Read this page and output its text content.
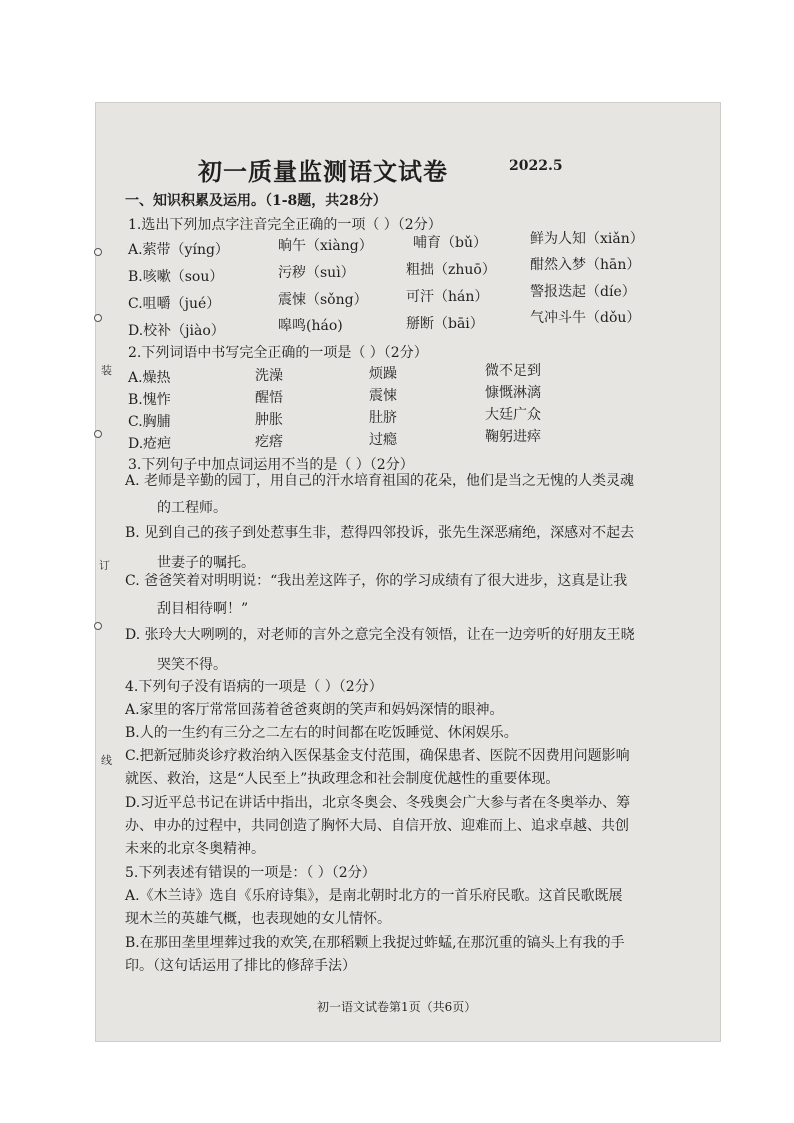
装
订
线
初一质量监测语文试卷	2022.5
一、知识积累及运用。（1-8题，共28分）
1.选出下列加点字注音完全正确的一项（ ）（2分）
A.萦带（yíng）	晌午（xiàng）	哺育（bǔ）	鲜为人知（xiǎn）
B.咳嗽（sou）	污秽（suì）	粗拙（zhuō） 酣然入梦（hān）
C.咀嚼（jué）	震悚（sǒng）	可汗（hán）	警报迭起（díe）
D.校补（jiào）	嗥鸣(háo)	掰断（bāi）	气冲斗牛（dǒu）
2.下列词语中书写完全正确的一项是（ ）（2分）
A.燥热	洗澡	烦躁	微不足到
B.愧怍	醒悟	震悚	慷慨淋漓
C.胸脯	肿胀	肚脐	大廷广众
D.疮疤	疙瘩	过瘾	鞠躬进瘁
3.下列句子中加点词运用不当的是（ ）（2分）
A. 老师是辛勤的园丁，用自己的汗水培育祖国的花朵，他们是当之无愧的人类灵魂
的工程师。
B. 见到自己的孩子到处惹事生非，惹得四邻投诉，张先生深恶痛绝，深感对不起去
世妻子的嘱托。
C. 爸爸笑着对明明说：“我出差这阵子，你的学习成绩有了很大进步，这真是让我
刮目相待啊！”
D. 张玲大大咧咧的，对老师的言外之意完全没有领悟，让在一边旁听的好朋友王晓
哭笑不得。
4.下列句子没有语病的一项是（ ）（2分）
A.家里的客厅常常回荡着爸爸爽朗的笑声和妈妈深情的眼神。
B.人的一生约有三分之二左右的时间都在吃饭睡觉、休闲娱乐。
C.把新冠肺炎诊疗救治纳入医保基金支付范围，确保患者、医院不因费用问题影响
就医、救治，这是“人民至上”执政理念和社会制度优越性的重要体现。
D.习近平总书记在讲话中指出，北京冬奥会、冬残奥会广大参与者在冬奥举办、筹
办、申办的过程中，共同创造了胸怀大局、自信开放、迎难而上、追求卓越、共创
未来的北京冬奥精神。
5.下列表述有错误的一项是：（ ）（2分）
A.《木兰诗》选自《乐府诗集》，是南北朝时北方的一首乐府民歌。这首民歌既展
现木兰的英雄气概，也表现她的女儿情怀。
B.在那田垄里埋葬过我的欢笑,在那稻颗上我捉过蚱蜢,在那沉重的镐头上有我的手
印。（这句话运用了排比的修辞手法）
初一语文试卷第1页（共6页）
